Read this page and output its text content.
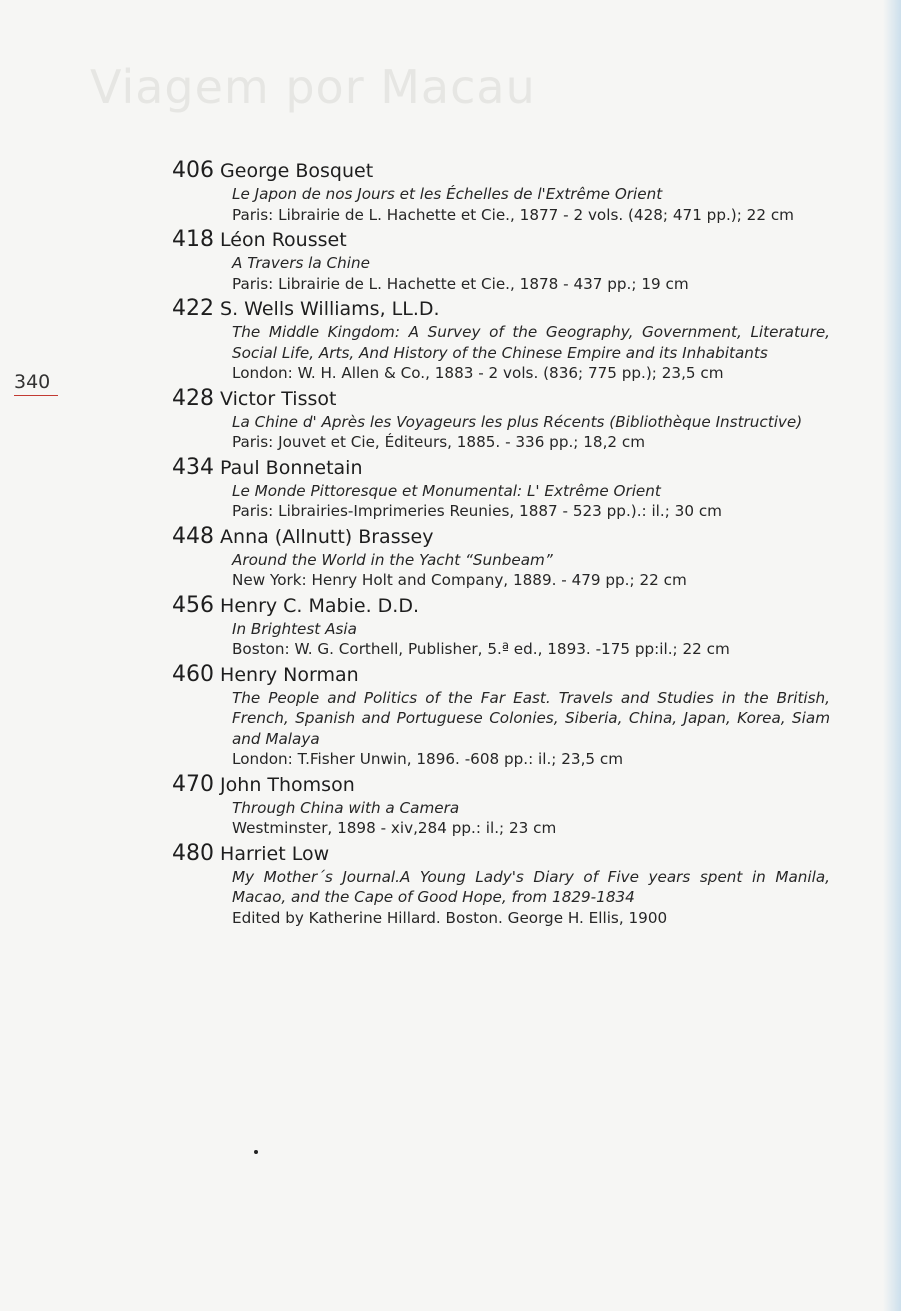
Viagem por Macau
340
406 George Bosquet
Le Japon de nos Jours et les Échelles de l'Extrême Orient
Paris: Librairie de L. Hachette et Cie., 1877 - 2 vols. (428; 471 pp.); 22 cm
418 Léon Rousset
A Travers la Chine
Paris: Librairie de L. Hachette et Cie., 1878 - 437 pp.; 19 cm
422 S. Wells Williams, LL.D.
The Middle Kingdom: A Survey of the Geography, Government, Literature, Social Life, Arts, And History of the Chinese Empire and its Inhabitants
London: W. H. Allen & Co., 1883 - 2 vols. (836; 775 pp.); 23,5 cm
428 Victor Tissot
La Chine d' Après les Voyageurs les plus Récents (Bibliothèque Instructive)
Paris: Jouvet et Cie, Éditeurs, 1885. - 336 pp.; 18,2 cm
434 Paul Bonnetain
Le Monde Pittoresque et Monumental: L' Extrême Orient
Paris: Librairies-Imprimeries Reunies, 1887 - 523 pp.).: il.; 30 cm
448 Anna (Allnutt) Brassey
Around the World in the Yacht “Sunbeam”
New York: Henry Holt and Company, 1889. - 479 pp.; 22 cm
456 Henry C. Mabie. D.D.
In Brightest Asia
Boston: W. G. Corthell, Publisher, 5.ª ed., 1893. -175 pp:il.; 22 cm
460 Henry Norman
The People and Politics of the Far East. Travels and Studies in the British, French, Spanish and Portuguese Colonies, Siberia, China, Japan, Korea, Siam and Malaya
London: T.Fisher Unwin, 1896. -608 pp.: il.; 23,5 cm
470 John Thomson
Through China with a Camera
Westminster, 1898 - xiv,284 pp.: il.; 23 cm
480 Harriet Low
My Mother´s Journal.A Young Lady's Diary of Five years spent in Manila, Macao, and the Cape of Good Hope, from 1829-1834
Edited by Katherine Hillard. Boston. George H. Ellis, 1900
